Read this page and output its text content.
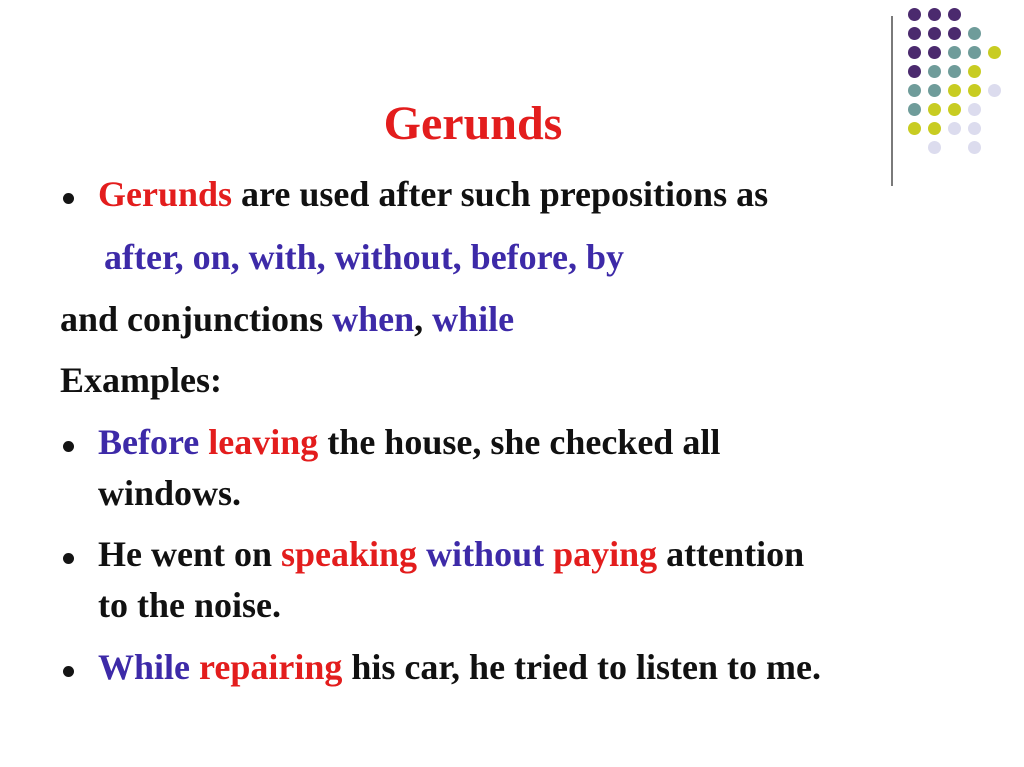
Gerunds
Gerunds are used after such prepositions as
after, on, with, without, before, by
and conjunctions when, while
Examples:
Before leaving the house, she checked all
windows.
He went on speaking without paying attention
to the noise.
While repairing his car, he tried to listen to me.
